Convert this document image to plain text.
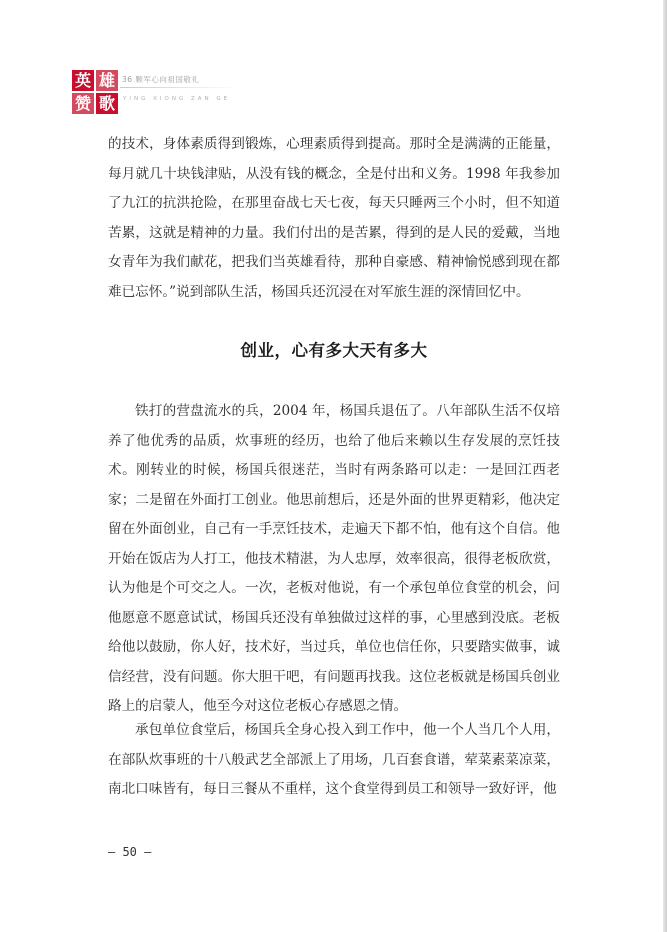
英 雄
赞 歌
36 颗军心向祖国敬礼
YING XIONG ZAN GE

的技术，身体素质得到锻炼，心理素质得到提高。那时全是满满的正能量，每月就几十块钱津贴，从没有钱的概念，全是付出和义务。1998 年我参加了九江的抗洪抢险，在那里奋战七天七夜，每天只睡两三个小时，但不知道苦累，这就是精神的力量。我们付出的是苦累，得到的是人民的爱戴，当地女青年为我们献花，把我们当英雄看待，那种自豪感、精神愉悦感到现在都难已忘怀。”说到部队生活，杨国兵还沉浸在对军旅生涯的深情回忆中。

创业，心有多大天有多大

铁打的营盘流水的兵，2004 年，杨国兵退伍了。八年部队生活不仅培养了他优秀的品质，炊事班的经历，也给了他后来赖以生存发展的烹饪技术。刚转业的时候，杨国兵很迷茫，当时有两条路可以走：一是回江西老家；二是留在外面打工创业。他思前想后，还是外面的世界更精彩，他决定留在外面创业，自己有一手烹饪技术，走遍天下都不怕，他有这个自信。他开始在饭店为人打工，他技术精湛，为人忠厚，效率很高，很得老板欣赏，认为他是个可交之人。一次，老板对他说，有一个承包单位食堂的机会，问他愿意不愿意试试，杨国兵还没有单独做过这样的事，心里感到没底。老板给他以鼓励，你人好，技术好，当过兵，单位也信任你，只要踏实做事，诚信经营，没有问题。你大胆干吧，有问题再找我。这位老板就是杨国兵创业路上的启蒙人，他至今对这位老板心存感恩之情。

承包单位食堂后，杨国兵全身心投入到工作中，他一个人当几个人用，在部队炊事班的十八般武艺全部派上了用场，几百套食谱，荤菜素菜凉菜，南北口味皆有，每日三餐从不重样，这个食堂得到员工和领导一致好评，他

— 50 —
